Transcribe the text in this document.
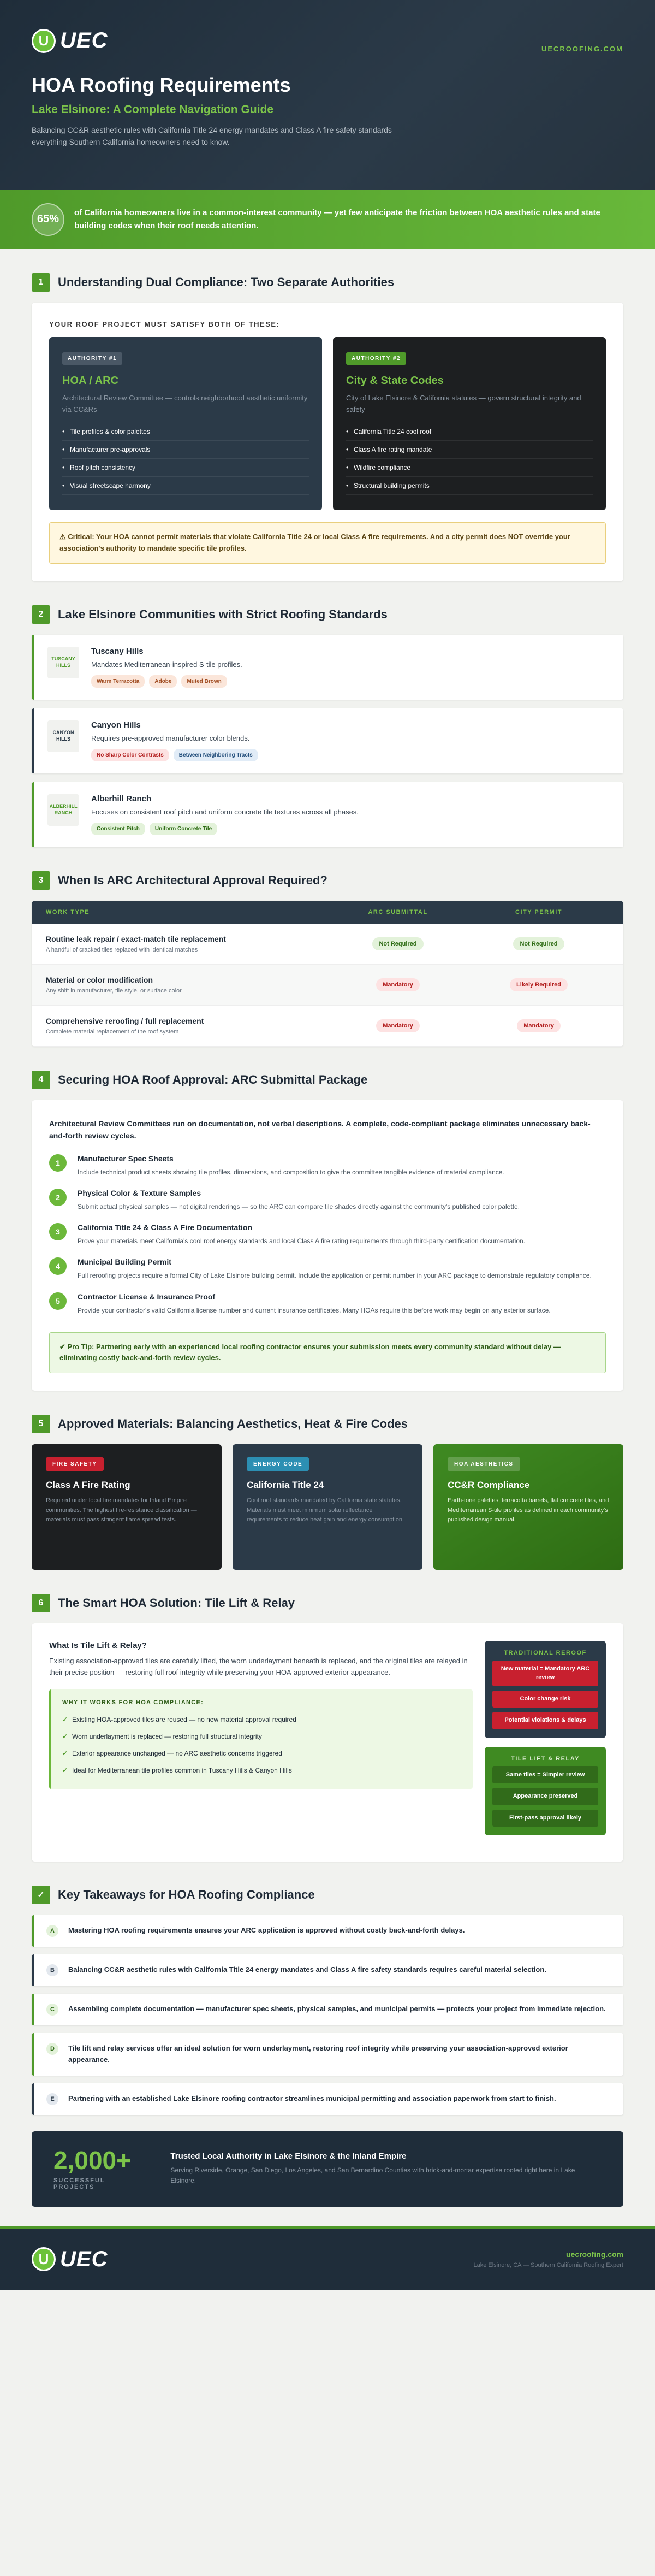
U UEC	UECROOFING.COM
HOA Roofing Requirements
Lake Elsinore: A Complete Navigation Guide

Balancing CC&R aesthetic rules with California Title 24 energy mandates and Class A fire safety standards — everything Southern California homeowners need to know.

65%

of California homeowners live in a common-interest community — yet few anticipate the friction between HOA aesthetic rules and state building codes when their roof needs attention.

1	Understanding Dual Compliance: Two Separate Authorities
YOUR ROOF PROJECT MUST SATISFY BOTH OF THESE:
AUTHORITY #1
HOA / ARC
Architectural Review Committee — controls neighborhood aesthetic uniformity via CC&Rs
• Tile profiles & color palettes
• Manufacturer pre-approvals
• Roof pitch consistency
• Visual streetscape harmony
AUTHORITY #2
City & State Codes
City of Lake Elsinore & California statutes — govern structural integrity and safety
• California Title 24 cool roof
• Class A fire rating mandate
• Wildfire compliance
• Structural building permits
⚠ Critical: Your HOA cannot permit materials that violate California Title 24 or local Class A fire requirements. And a city permit does NOT override your association's authority to mandate specific tile profiles.
2	Lake Elsinore Communities with Strict Roofing Standards
TUSCANY HILLS
Tuscany Hills
Mandates Mediterranean-inspired S-tile profiles.
Warm Terracotta	Adobe	Muted Brown
CANYON HILLS
Canyon Hills
Requires pre-approved manufacturer color blends.
No Sharp Color Contrasts	Between Neighboring Tracts
ALBERHILL RANCH
Alberhill Ranch
Focuses on consistent roof pitch and uniform concrete tile textures across all phases.
Consistent Pitch	Uniform Concrete Tile
3	When Is ARC Architectural Approval Required?
WORK TYPE	ARC SUBMITTAL	CITY PERMIT
Routine leak repair / exact-match tile replacement
A handful of cracked tiles replaced with identical matches
Not Required	Not Required
Material or color modification
Any shift in manufacturer, tile style, or surface color
Mandatory	Likely Required
Comprehensive reroofing / full replacement
Complete material replacement of the roof system
Mandatory	Mandatory
4	Securing HOA Roof Approval: ARC Submittal Package
Architectural Review Committees run on documentation, not verbal descriptions. A complete, code-compliant package eliminates unnecessary back-and-forth review cycles.
1	Manufacturer Spec Sheets
Include technical product sheets showing tile profiles, dimensions, and composition to give the committee tangible evidence of material compliance.
2	Physical Color & Texture Samples
Submit actual physical samples — not digital renderings — so the ARC can compare tile shades directly against the community's published color palette.
3	California Title 24 & Class A Fire Documentation
Prove your materials meet California's cool roof energy standards and local Class A fire rating requirements through third-party certification documentation.
4	Municipal Building Permit
Full reroofing projects require a formal City of Lake Elsinore building permit. Include the application or permit number in your ARC package to demonstrate regulatory compliance.
5	Contractor License & Insurance Proof
Provide your contractor's valid California license number and current insurance certificates. Many HOAs require this before work may begin on any exterior surface.
✔ Pro Tip: Partnering early with an experienced local roofing contractor ensures your submission meets every community standard without delay — eliminating costly back-and-forth review cycles.
5	Approved Materials: Balancing Aesthetics, Heat & Fire Codes
FIRE SAFETY
Class A Fire Rating

Required under local fire mandates for Inland Empire communities. The highest fire-resistance classification — materials must pass stringent flame spread tests.

ENERGY CODE
California Title 24

Cool roof standards mandated by California state statutes. Materials must meet minimum solar reflectance requirements to reduce heat gain and energy consumption.

HOA AESTHETICS
CC&R Compliance

Earth-tone palettes, terracotta barrels, flat concrete tiles, and Mediterranean S-tile profiles as defined in each community's published design manual.

6	The Smart HOA Solution: Tile Lift & Relay
What Is Tile Lift & Relay?
Existing association-approved tiles are carefully lifted, the worn underlayment beneath is replaced, and the original tiles are relayed in their precise position — restoring full roof integrity while preserving your HOA-approved exterior appearance.
WHY IT WORKS FOR HOA COMPLIANCE:
✓ Existing HOA-approved tiles are reused — no new material approval required
✓ Worn underlayment is replaced — restoring full structural integrity
✓ Exterior appearance unchanged — no ARC aesthetic concerns triggered
✓ Ideal for Mediterranean tile profiles common in Tuscany Hills & Canyon Hills
TRADITIONAL REROOF
New material = Mandatory ARC review
Color change risk
Potential violations & delays
TILE LIFT & RELAY
Same tiles = Simpler review
Appearance preserved
First-pass approval likely
✓	Key Takeaways for HOA Roofing Compliance
A	Mastering HOA roofing requirements ensures your ARC application is approved without costly back-and-forth delays.

B	Balancing CC&R aesthetic rules with California Title 24 energy mandates and Class A fire safety standards requires careful material selection.

C	Assembling complete documentation — manufacturer spec sheets, physical samples, and municipal permits — protects your project from immediate rejection.

D	Tile lift and relay services offer an ideal solution for worn underlayment, restoring roof integrity while preserving your association-approved exterior appearance.

E	Partnering with an established Lake Elsinore roofing contractor streamlines municipal permitting and association paperwork from start to finish.

2,000+
SUCCESSFUL PROJECTS
Trusted Local Authority in Lake Elsinore & the Inland Empire
Serving Riverside, Orange, San Diego, Los Angeles, and San Bernardino Counties with brick-and-mortar expertise rooted right here in Lake Elsinore.
U UEC	uecroofing.com
Lake Elsinore, CA — Southern California Roofing Expert
